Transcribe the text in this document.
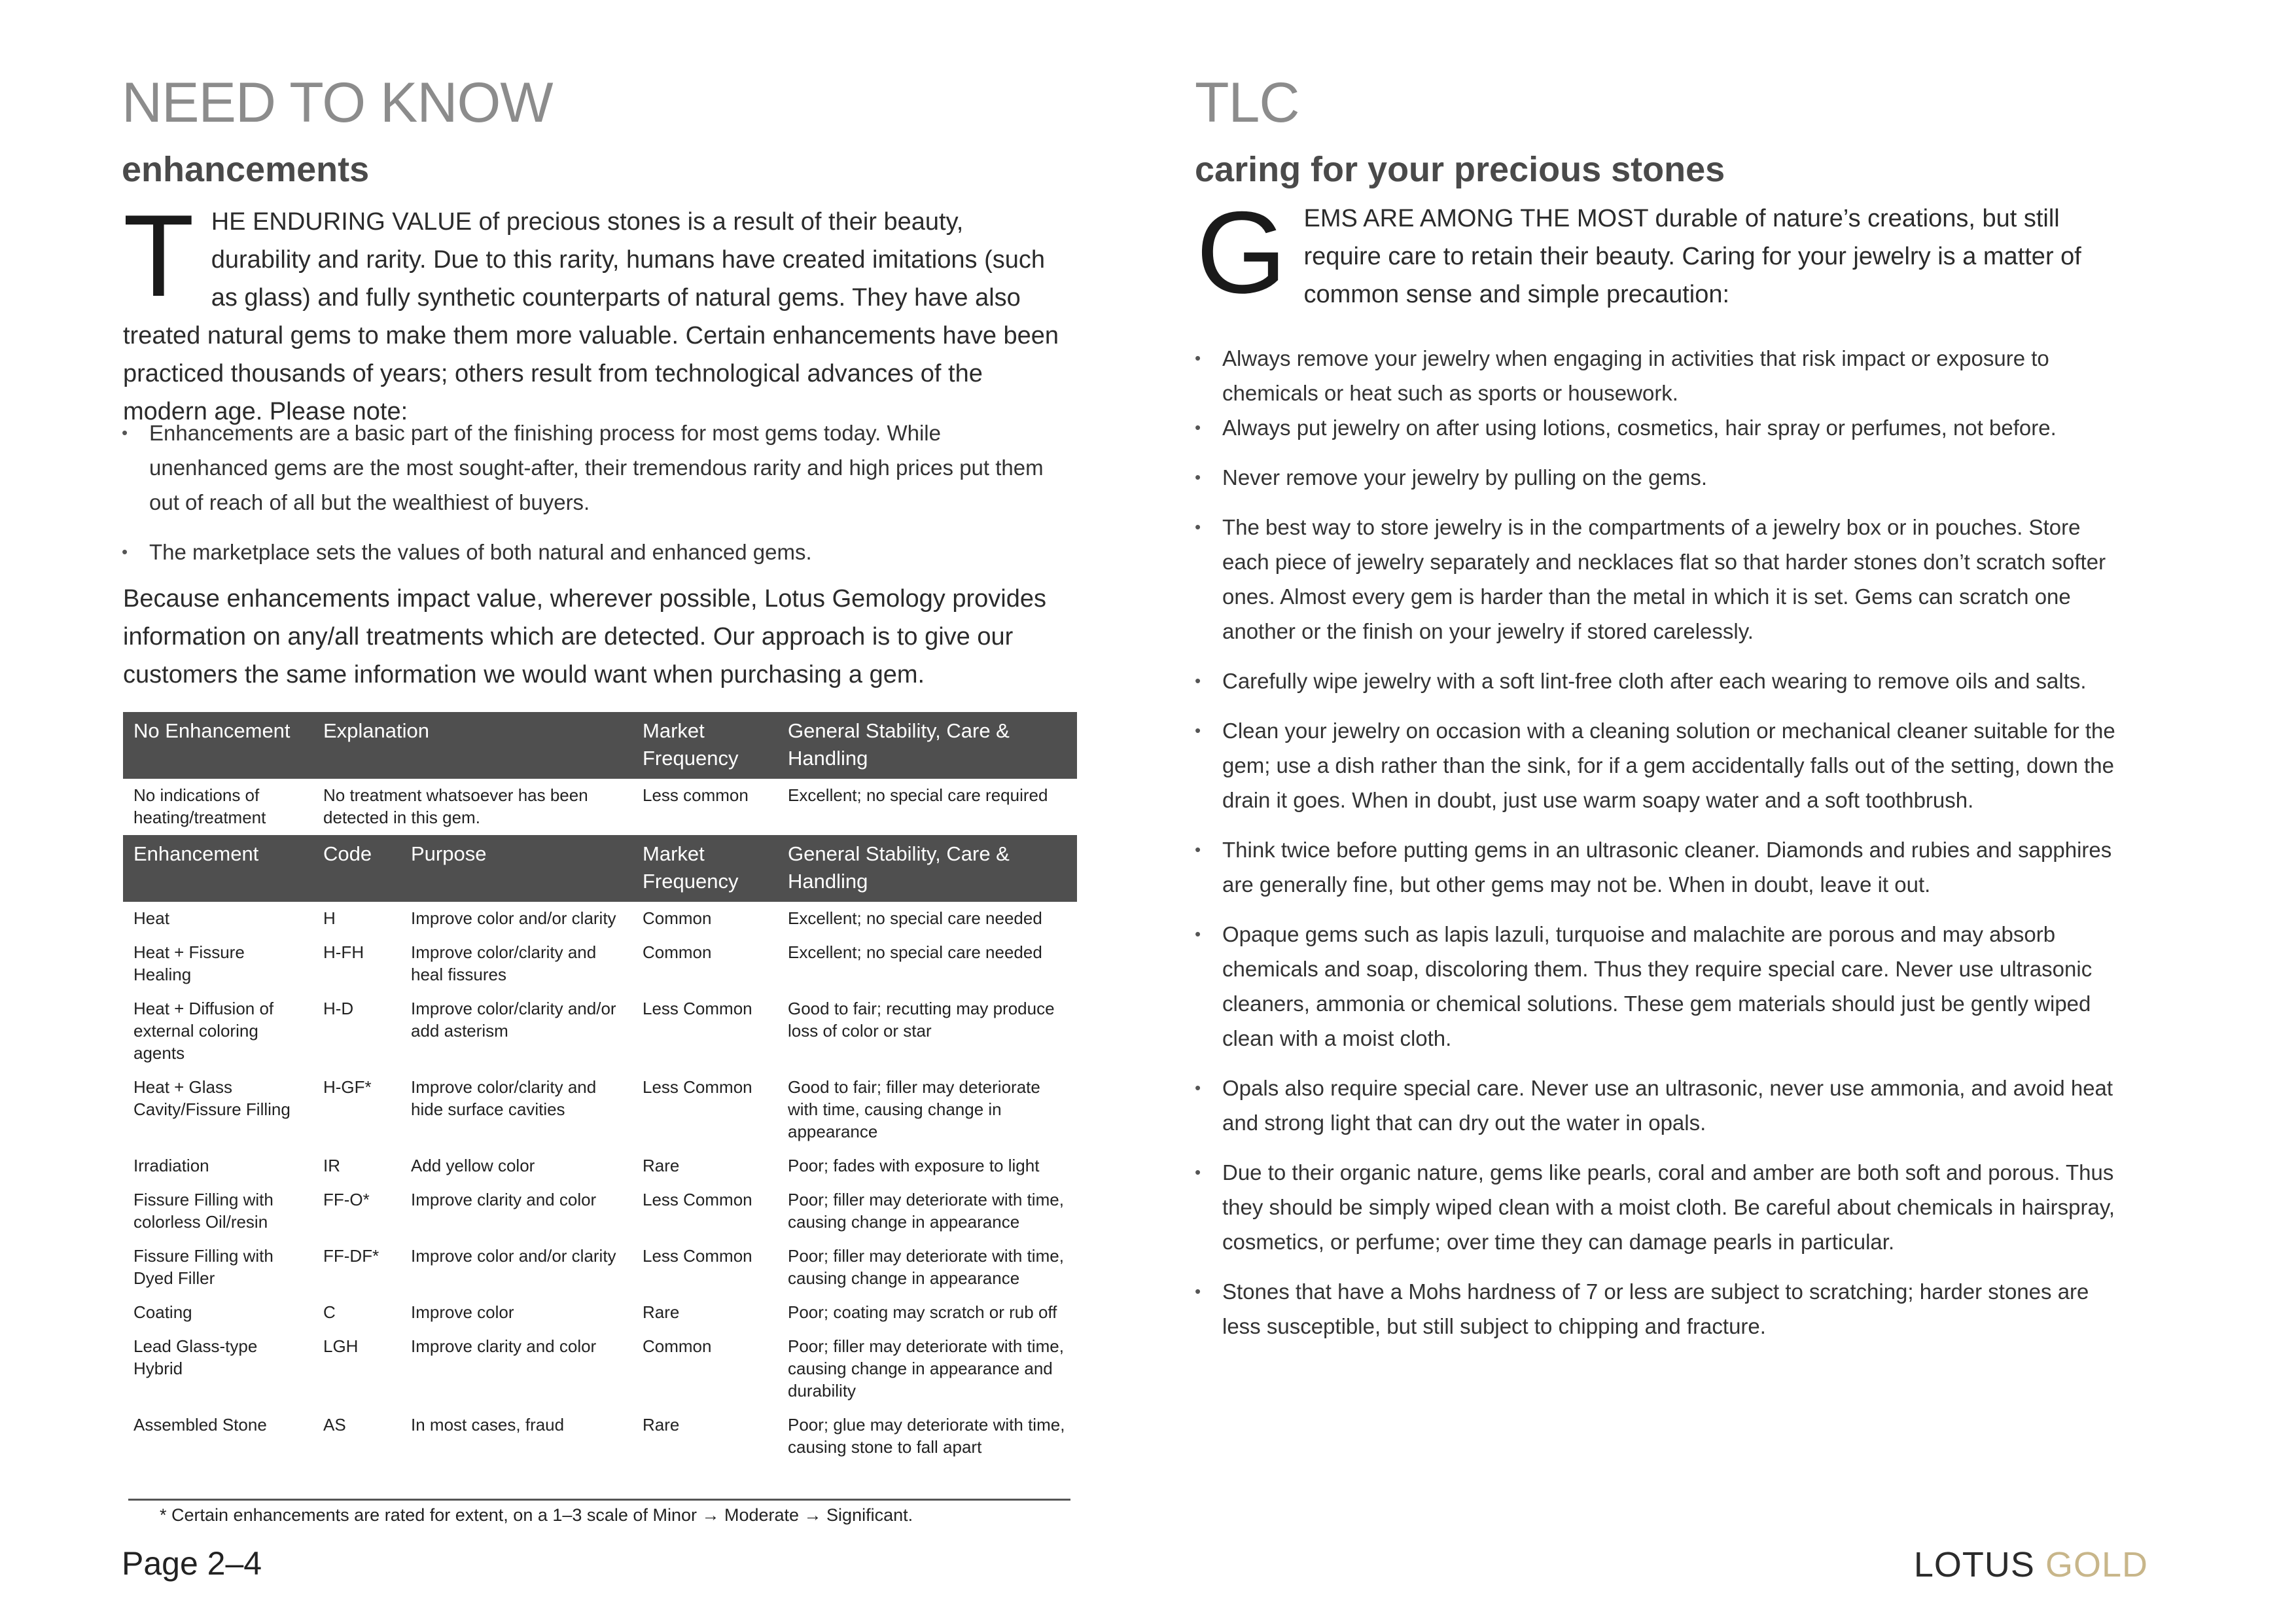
NEED TO KNOW
enhancements

THE ENDURING VALUE of precious stones is a result of their beauty, durability and rarity. Due to this rarity, humans have created imitations (such as glass) and fully synthetic counterparts of natural gems. They have also treated natural gems to make them more valuable. Certain enhancements have been practiced thousands of years; others result from technological advances of the modern age. Please note:

• Enhancements are a basic part of the finishing process for most gems today. While unenhanced gems are the most sought-after, their tremendous rarity and high prices put them out of reach of all but the wealthiest of buyers.
• The marketplace sets the values of both natural and enhanced gems.

Because enhancements impact value, wherever possible, Lotus Gemology provides information on any/all treatments which are detected. Our approach is to give our customers the same information we would want when purchasing a gem.

No Enhancement	Explanation		Market Frequency	General Stability, Care & Handling
No indications of heating/treatment	No treatment whatsoever has been detected in this gem.		Less common	Excellent; no special care required
Enhancement	Code	Purpose	Market Frequency	General Stability, Care & Handling
Heat	H	Improve color and/or clarity	Common	Excellent; no special care needed
Heat + Fissure Healing	H-FH	Improve color/clarity and heal fissures	Common	Excellent; no special care needed
Heat + Diffusion of external coloring agents	H-D	Improve color/clarity and/or add asterism	Less Common	Good to fair; recutting may produce loss of color or star
Heat + Glass Cavity/Fissure Filling	H-GF*	Improve color/clarity and hide surface cavities	Less Common	Good to fair; filler may deteriorate with time, causing change in appearance
Irradiation	IR	Add yellow color	Rare	Poor; fades with exposure to light
Fissure Filling with colorless Oil/resin	FF-O*	Improve clarity and color	Less Common	Poor; filler may deteriorate with time, causing change in appearance
Fissure Filling with Dyed Filler	FF-DF*	Improve color and/or clarity	Less Common	Poor; filler may deteriorate with time, causing change in appearance
Coating	C	Improve color	Rare	Poor; coating may scratch or rub off
Lead Glass-type Hybrid	LGH	Improve clarity and color	Common	Poor; filler may deteriorate with time, causing change in appearance and durability
Assembled Stone	AS	In most cases, fraud	Rare	Poor; glue may deteriorate with time, causing stone to fall apart

* Certain enhancements are rated for extent, on a 1–3 scale of Minor → Moderate → Significant.

Page 2–4

TLC
caring for your precious stones

GEMS ARE AMONG THE MOST durable of nature’s creations, but still require care to retain their beauty. Caring for your jewelry is a matter of common sense and simple precaution:

• Always remove your jewelry when engaging in activities that risk impact or exposure to chemicals or heat such as sports or housework.
• Always put jewelry on after using lotions, cosmetics, hair spray or perfumes, not before.
• Never remove your jewelry by pulling on the gems.
• The best way to store jewelry is in the compartments of a jewelry box or in pouches. Store each piece of jewelry separately and necklaces flat so that harder stones don’t scratch softer ones. Almost every gem is harder than the metal in which it is set. Gems can scratch one another or the finish on your jewelry if stored carelessly.
• Carefully wipe jewelry with a soft lint-free cloth after each wearing to remove oils and salts.
• Clean your jewelry on occasion with a cleaning solution or mechanical cleaner suitable for the gem; use a dish rather than the sink, for if a gem accidentally falls out of the setting, down the drain it goes. When in doubt, just use warm soapy water and a soft toothbrush.
• Think twice before putting gems in an ultrasonic cleaner. Diamonds and rubies and sapphires are generally fine, but other gems may not be. When in doubt, leave it out.
• Opaque gems such as lapis lazuli, turquoise and malachite are porous and may absorb chemicals and soap, discoloring them. Thus they require special care. Never use ultrasonic cleaners, ammonia or chemical solutions. These gem materials should just be gently wiped clean with a moist cloth.
• Opals also require special care. Never use an ultrasonic, never use ammonia, and avoid heat and strong light that can dry out the water in opals.
• Due to their organic nature, gems like pearls, coral and amber are both soft and porous. Thus they should be simply wiped clean with a moist cloth. Be careful about chemicals in hairspray, cosmetics, or perfume; over time they can damage pearls in particular.
• Stones that have a Mohs hardness of 7 or less are subject to scratching; harder stones are less susceptible, but still subject to chipping and fracture.

LOTUS GOLD
